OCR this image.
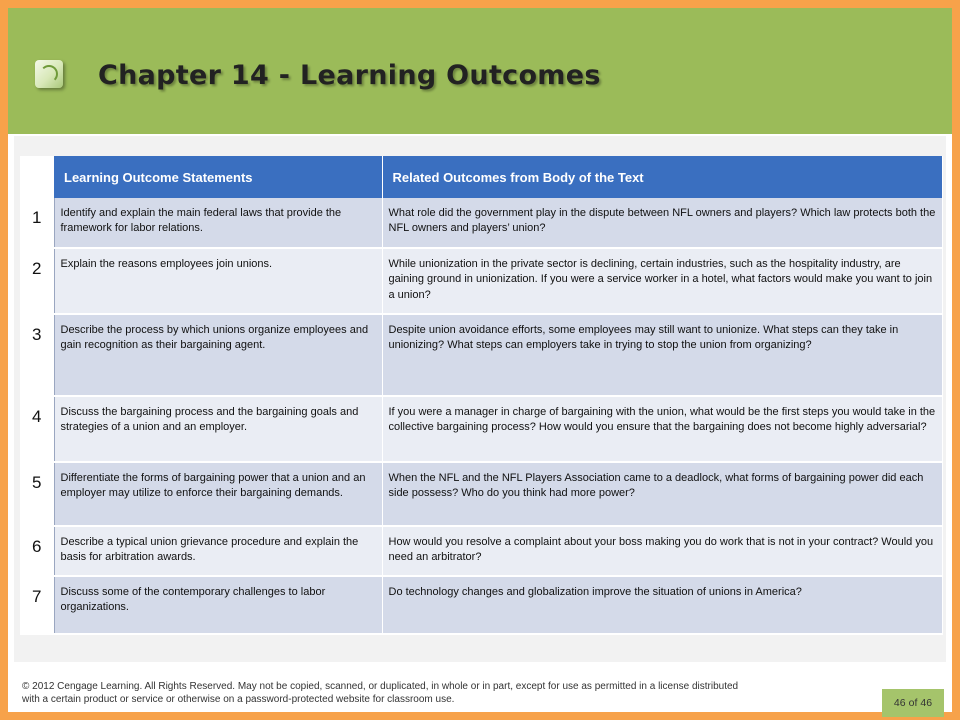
Chapter 14 - Learning Outcomes
	Learning Outcome Statements	Related Outcomes from Body of the Text
1	Identify and explain the main federal laws that provide the framework for labor relations.	What role did the government play in the dispute between NFL owners and players? Which law protects both the NFL owners and players’ union?
2	Explain the reasons employees join unions.	While unionization in the private sector is declining, certain industries, such as the hospitality industry, are gaining ground in unionization. If you were a service worker in a hotel, what factors would make you want to join a union?
3	Describe the process by which unions organize employees and gain recognition as their bargaining agent.	Despite union avoidance efforts, some employees may still want to unionize. What steps can they take in unionizing? What steps can employers take in trying to stop the union from organizing?
4	Discuss the bargaining process and the bargaining goals and strategies of a union and an employer.	If you were a manager in charge of bargaining with the union, what would be the first steps you would take in the collective bargaining process? How would you ensure that the bargaining does not become highly adversarial?
5	Differentiate the forms of bargaining power that a union and an employer may utilize to enforce their bargaining demands.	When the NFL and the NFL Players Association came to a deadlock, what forms of bargaining power did each side possess? Who do you think had more power?
6	Describe a typical union grievance procedure and explain the basis for arbitration awards.	How would you resolve a complaint about your boss making you do work that is not in your contract? Would you need an arbitrator?
7	Discuss some of the contemporary challenges to labor organizations.	Do technology changes and globalization improve the situation of unions in America?

© 2012 Cengage Learning. All Rights Reserved. May not be copied, scanned, or duplicated, in whole or in part, except for use as permitted in a license distributed with a certain product or service or otherwise on a password-protected website for classroom use.	46 of 46
